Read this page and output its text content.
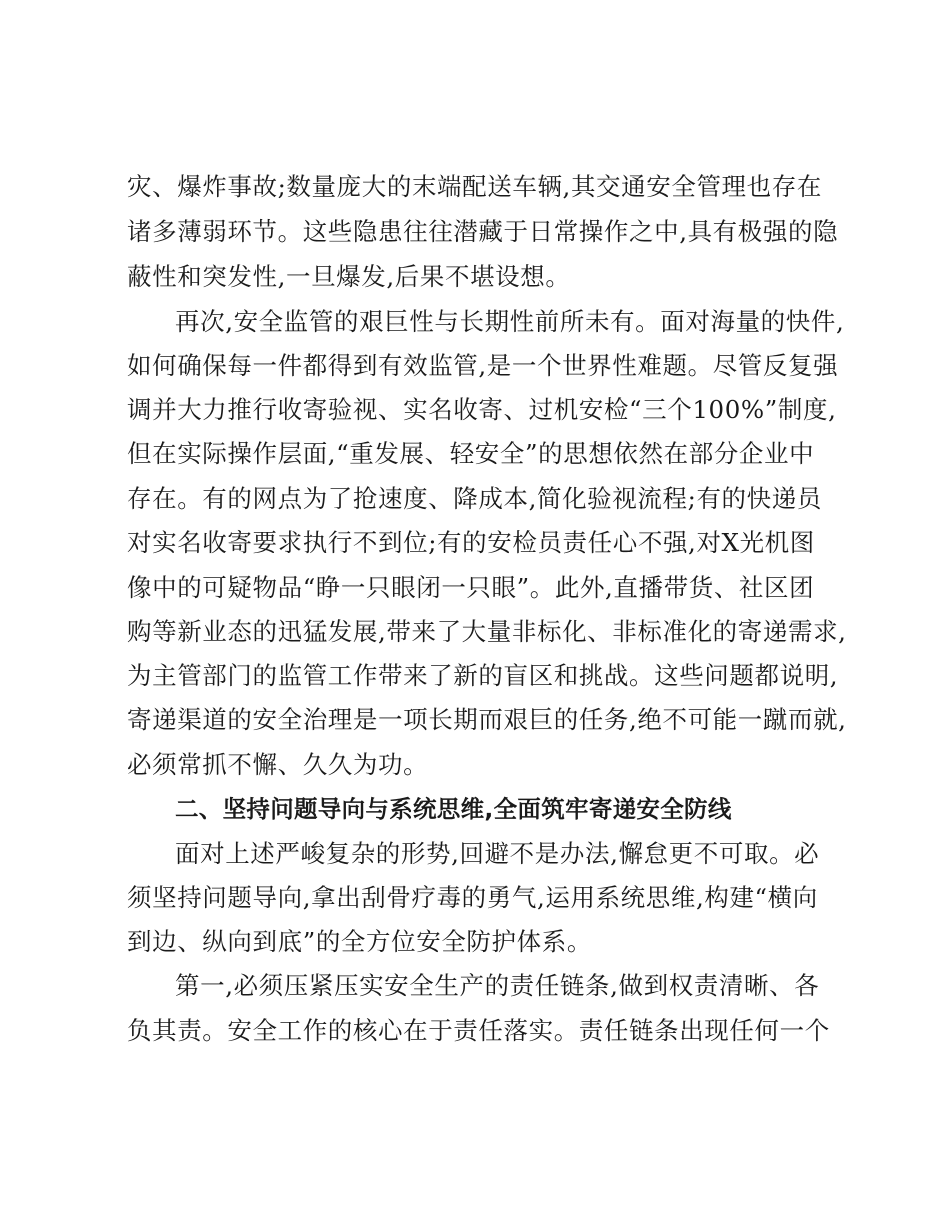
灾、爆炸事故;数量庞大的末端配送车辆,其交通安全管理也存在
诸多薄弱环节。这些隐患往往潜藏于日常操作之中,具有极强的隐
蔽性和突发性,一旦爆发,后果不堪设想。
再次,安全监管的艰巨性与长期性前所未有。面对海量的快件,
如何确保每一件都得到有效监管,是一个世界性难题。尽管反复强
调并大力推行收寄验视、实名收寄、过机安检“三个100%”制度,
但在实际操作层面,“重发展、轻安全”的思想依然在部分企业中
存在。有的网点为了抢速度、降成本,简化验视流程;有的快递员
对实名收寄要求执行不到位;有的安检员责任心不强,对X光机图
像中的可疑物品“睁一只眼闭一只眼”。此外,直播带货、社区团
购等新业态的迅猛发展,带来了大量非标化、非标准化的寄递需求,
为主管部门的监管工作带来了新的盲区和挑战。这些问题都说明,
寄递渠道的安全治理是一项长期而艰巨的任务,绝不可能一蹴而就,
必须常抓不懈、久久为功。
二、坚持问题导向与系统思维,全面筑牢寄递安全防线
面对上述严峻复杂的形势,回避不是办法,懈怠更不可取。必
须坚持问题导向,拿出刮骨疗毒的勇气,运用系统思维,构建“横向
到边、纵向到底”的全方位安全防护体系。
第一,必须压紧压实安全生产的责任链条,做到权责清晰、各
负其责。安全工作的核心在于责任落实。责任链条出现任何一个
